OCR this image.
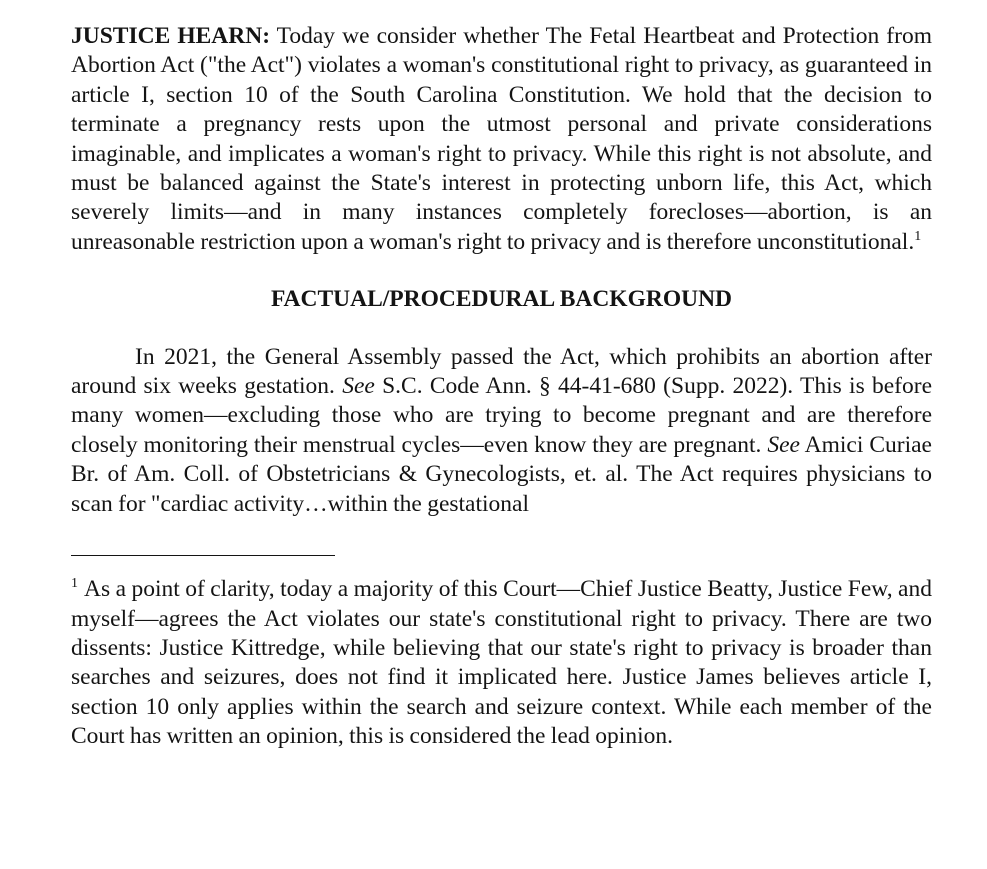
JUSTICE HEARN: Today we consider whether The Fetal Heartbeat and Protection from Abortion Act ("the Act") violates a woman's constitutional right to privacy, as guaranteed in article I, section 10 of the South Carolina Constitution. We hold that the decision to terminate a pregnancy rests upon the utmost personal and private considerations imaginable, and implicates a woman's right to privacy. While this right is not absolute, and must be balanced against the State's interest in protecting unborn life, this Act, which severely limits—and in many instances completely forecloses—abortion, is an unreasonable restriction upon a woman's right to privacy and is therefore unconstitutional.$^1$

FACTUAL/PROCEDURAL BACKGROUND

In 2021, the General Assembly passed the Act, which prohibits an abortion after around six weeks gestation. See S.C. Code Ann. § 44-41-680 (Supp. 2022). This is before many women—excluding those who are trying to become pregnant and are therefore closely monitoring their menstrual cycles—even know they are pregnant. See Amici Curiae Br. of Am. Coll. of Obstetricians & Gynecologists, et. al. The Act requires physicians to scan for "cardiac activity…within the gestational

$^1$ As a point of clarity, today a majority of this Court—Chief Justice Beatty, Justice Few, and myself—agrees the Act violates our state's constitutional right to privacy. There are two dissents: Justice Kittredge, while believing that our state's right to privacy is broader than searches and seizures, does not find it implicated here. Justice James believes article I, section 10 only applies within the search and seizure context. While each member of the Court has written an opinion, this is considered the lead opinion.
